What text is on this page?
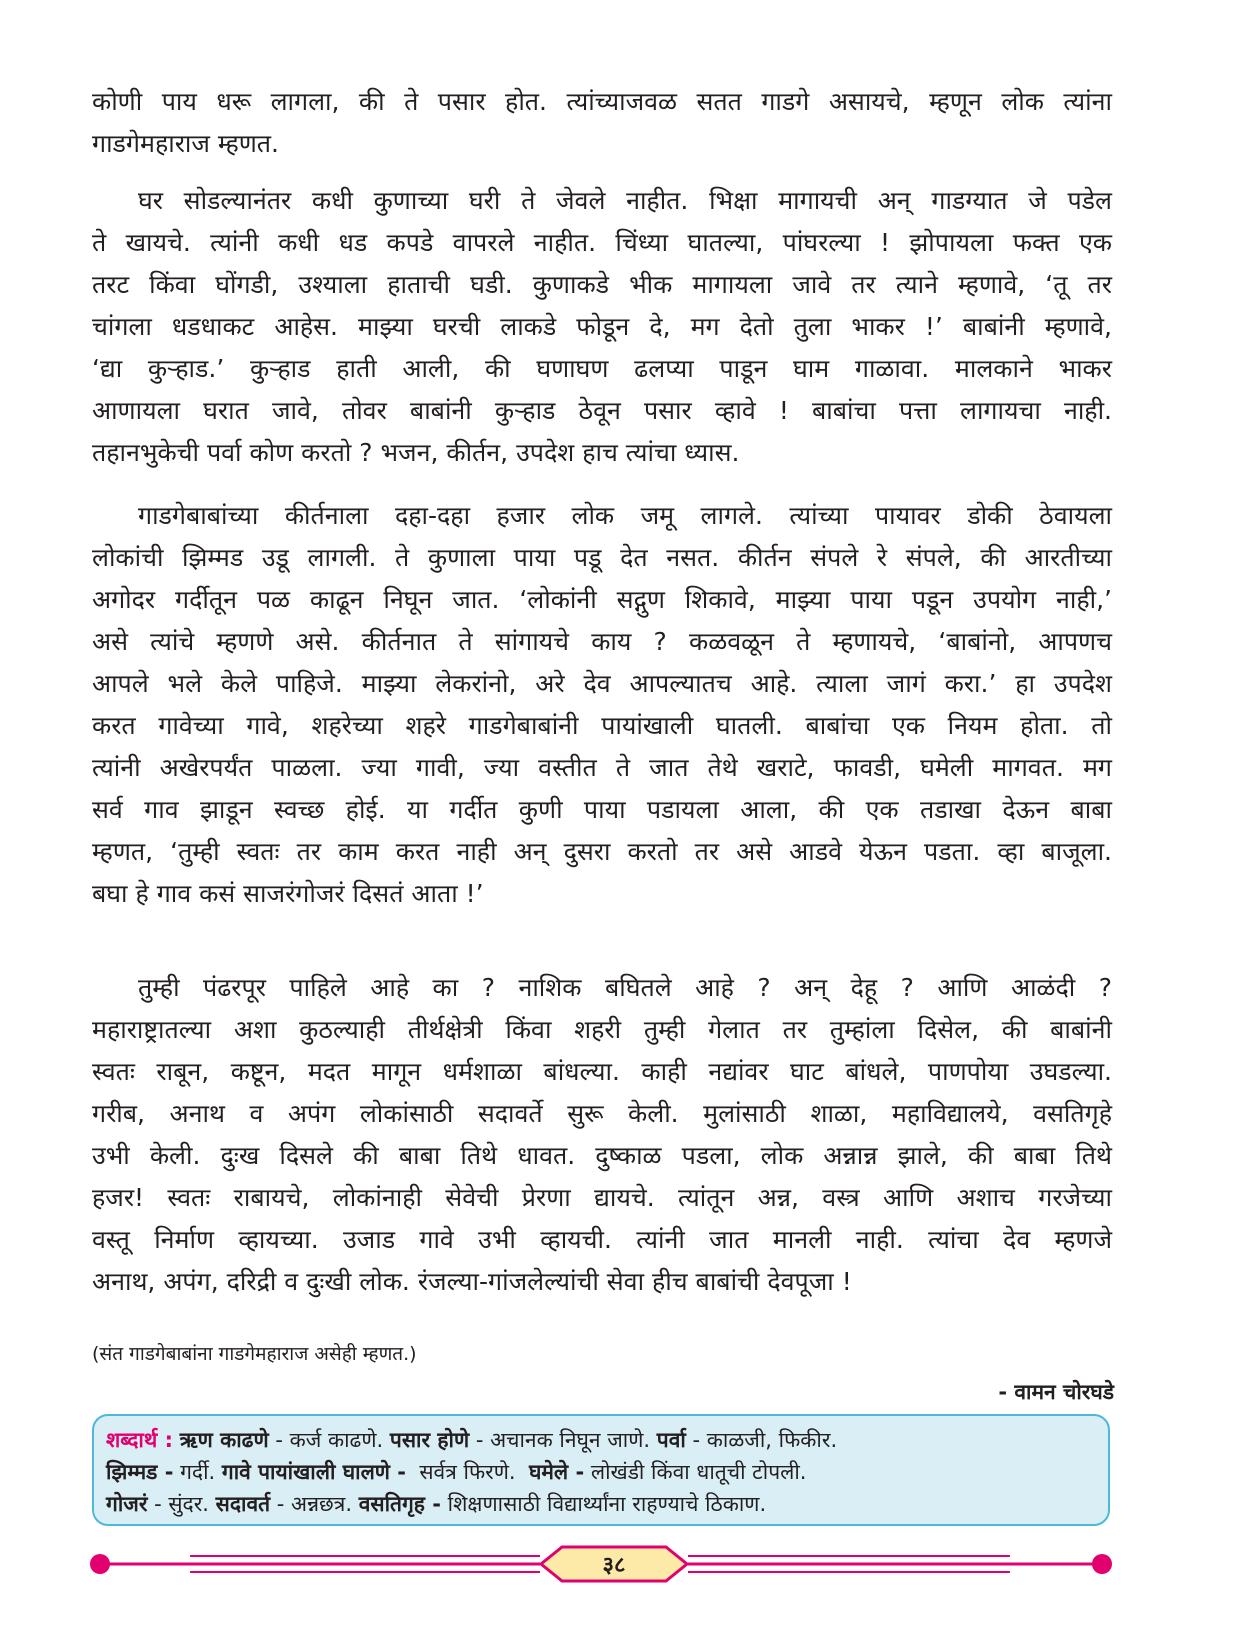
कोणी पाय धरू लागला, की ते पसार होत. त्यांच्याजवळ सतत गाडगे असायचे, म्हणून लोक त्यांना
गाडगेमहाराज म्हणत.
घर सोडल्यानंतर कधी कुणाच्या घरी ते जेवले नाहीत. भिक्षा मागायची अन् गाडग्यात जे पडेल
ते खायचे. त्यांनी कधी धड कपडे वापरले नाहीत. चिंध्या घातल्या, पांघरल्या ! झोपायला फक्त एक
तरट किंवा घोंगडी, उश्याला हाताची घडी. कुणाकडे भीक मागायला जावे तर त्याने म्हणावे, ‘तू तर
चांगला धडधाकट आहेस. माझ्या घरची लाकडे फोडून दे, मग देतो तुला भाकर !’ बाबांनी म्हणावे,
‘द्या कुऱ्हाड.’ कुऱ्हाड हाती आली, की घणाघण ढलप्या पाडून घाम गाळावा. मालकाने भाकर
आणायला घरात जावे, तोवर बाबांनी कुऱ्हाड ठेवून पसार व्हावे ! बाबांचा पत्ता लागायचा नाही.
तहानभुकेची पर्वा कोण करतो ? भजन, कीर्तन, उपदेश हाच त्यांचा ध्यास.
गाडगेबाबांच्या कीर्तनाला दहा-दहा हजार लोक जमू लागले. त्यांच्या पायावर डोकी ठेवायला
लोकांची झिम्मड उडू लागली. ते कुणाला पाया पडू देत नसत. कीर्तन संपले रे संपले, की आरतीच्या
अगोदर गर्दीतून पळ काढून निघून जात. ‘लोकांनी सद्गुण शिकावे, माझ्या पाया पडून उपयोग नाही,’
असे त्यांचे म्हणणे असे. कीर्तनात ते सांगायचे काय ? कळवळून ते म्हणायचे, ‘बाबांनो, आपणच
आपले भले केले पाहिजे. माझ्या लेकरांनो, अरे देव आपल्यातच आहे. त्याला जागं करा.’ हा उपदेश
करत गावेच्या गावे, शहरेच्या शहरे गाडगेबाबांनी पायांखाली घातली. बाबांचा एक नियम होता. तो
त्यांनी अखेरपर्यंत पाळला. ज्या गावी, ज्या वस्तीत ते जात तेथे खराटे, फावडी, घमेली मागवत. मग
सर्व गाव झाडून स्वच्छ होई. या गर्दीत कुणी पाया पडायला आला, की एक तडाखा देऊन बाबा
म्हणत, ‘तुम्ही स्वतः तर काम करत नाही अन् दुसरा करतो तर असे आडवे येऊन पडता. व्हा बाजूला.
बघा हे गाव कसं साजरंगोजरं दिसतं आता !’
तुम्ही पंढरपूर पाहिले आहे का ? नाशिक बघितले आहे ? अन् देहू ? आणि आळंदी ?
महाराष्ट्रातल्या अशा कुठल्याही तीर्थक्षेत्री किंवा शहरी तुम्ही गेलात तर तुम्हांला दिसेल, की बाबांनी
स्वतः राबून, कष्टून, मदत मागून धर्मशाळा बांधल्या. काही नद्यांवर घाट बांधले, पाणपोया उघडल्या.
गरीब, अनाथ व अपंग लोकांसाठी सदावर्ते सुरू केली. मुलांसाठी शाळा, महाविद्यालये, वसतिगृहे
उभी केली. दुःख दिसले की बाबा तिथे धावत. दुष्काळ पडला, लोक अन्नान्न झाले, की बाबा तिथे
हजर! स्वतः राबायचे, लोकांनाही सेवेची प्रेरणा द्यायचे. त्यांतून अन्न, वस्त्र आणि अशाच गरजेच्या
वस्तू निर्माण व्हायच्या. उजाड गावे उभी व्हायची. त्यांनी जात मानली नाही. त्यांचा देव म्हणजे
अनाथ, अपंग, दरिद्री व दुःखी लोक. रंजल्या-गांजलेल्यांची सेवा हीच बाबांची देवपूजा !
(संत गाडगेबाबांना गाडगेमहाराज असेही म्हणत.)
- वामन चोरघडे
शब्दार्थ : ऋण काढणे - कर्ज काढणे. पसार होणे - अचानक निघून जाणे. पर्वा - काळजी, फिकीर.
झिम्मड - गर्दी. गावे पायांखाली घालणे -  सर्वत्र फिरणे.  घमेले - लोखंडी किंवा धातूची टोपली.
गोजरं - सुंदर. सदावर्त - अन्नछत्र. वसतिगृह - शिक्षणासाठी विद्यार्थ्यांना राहण्याचे ठिकाण.
३८
